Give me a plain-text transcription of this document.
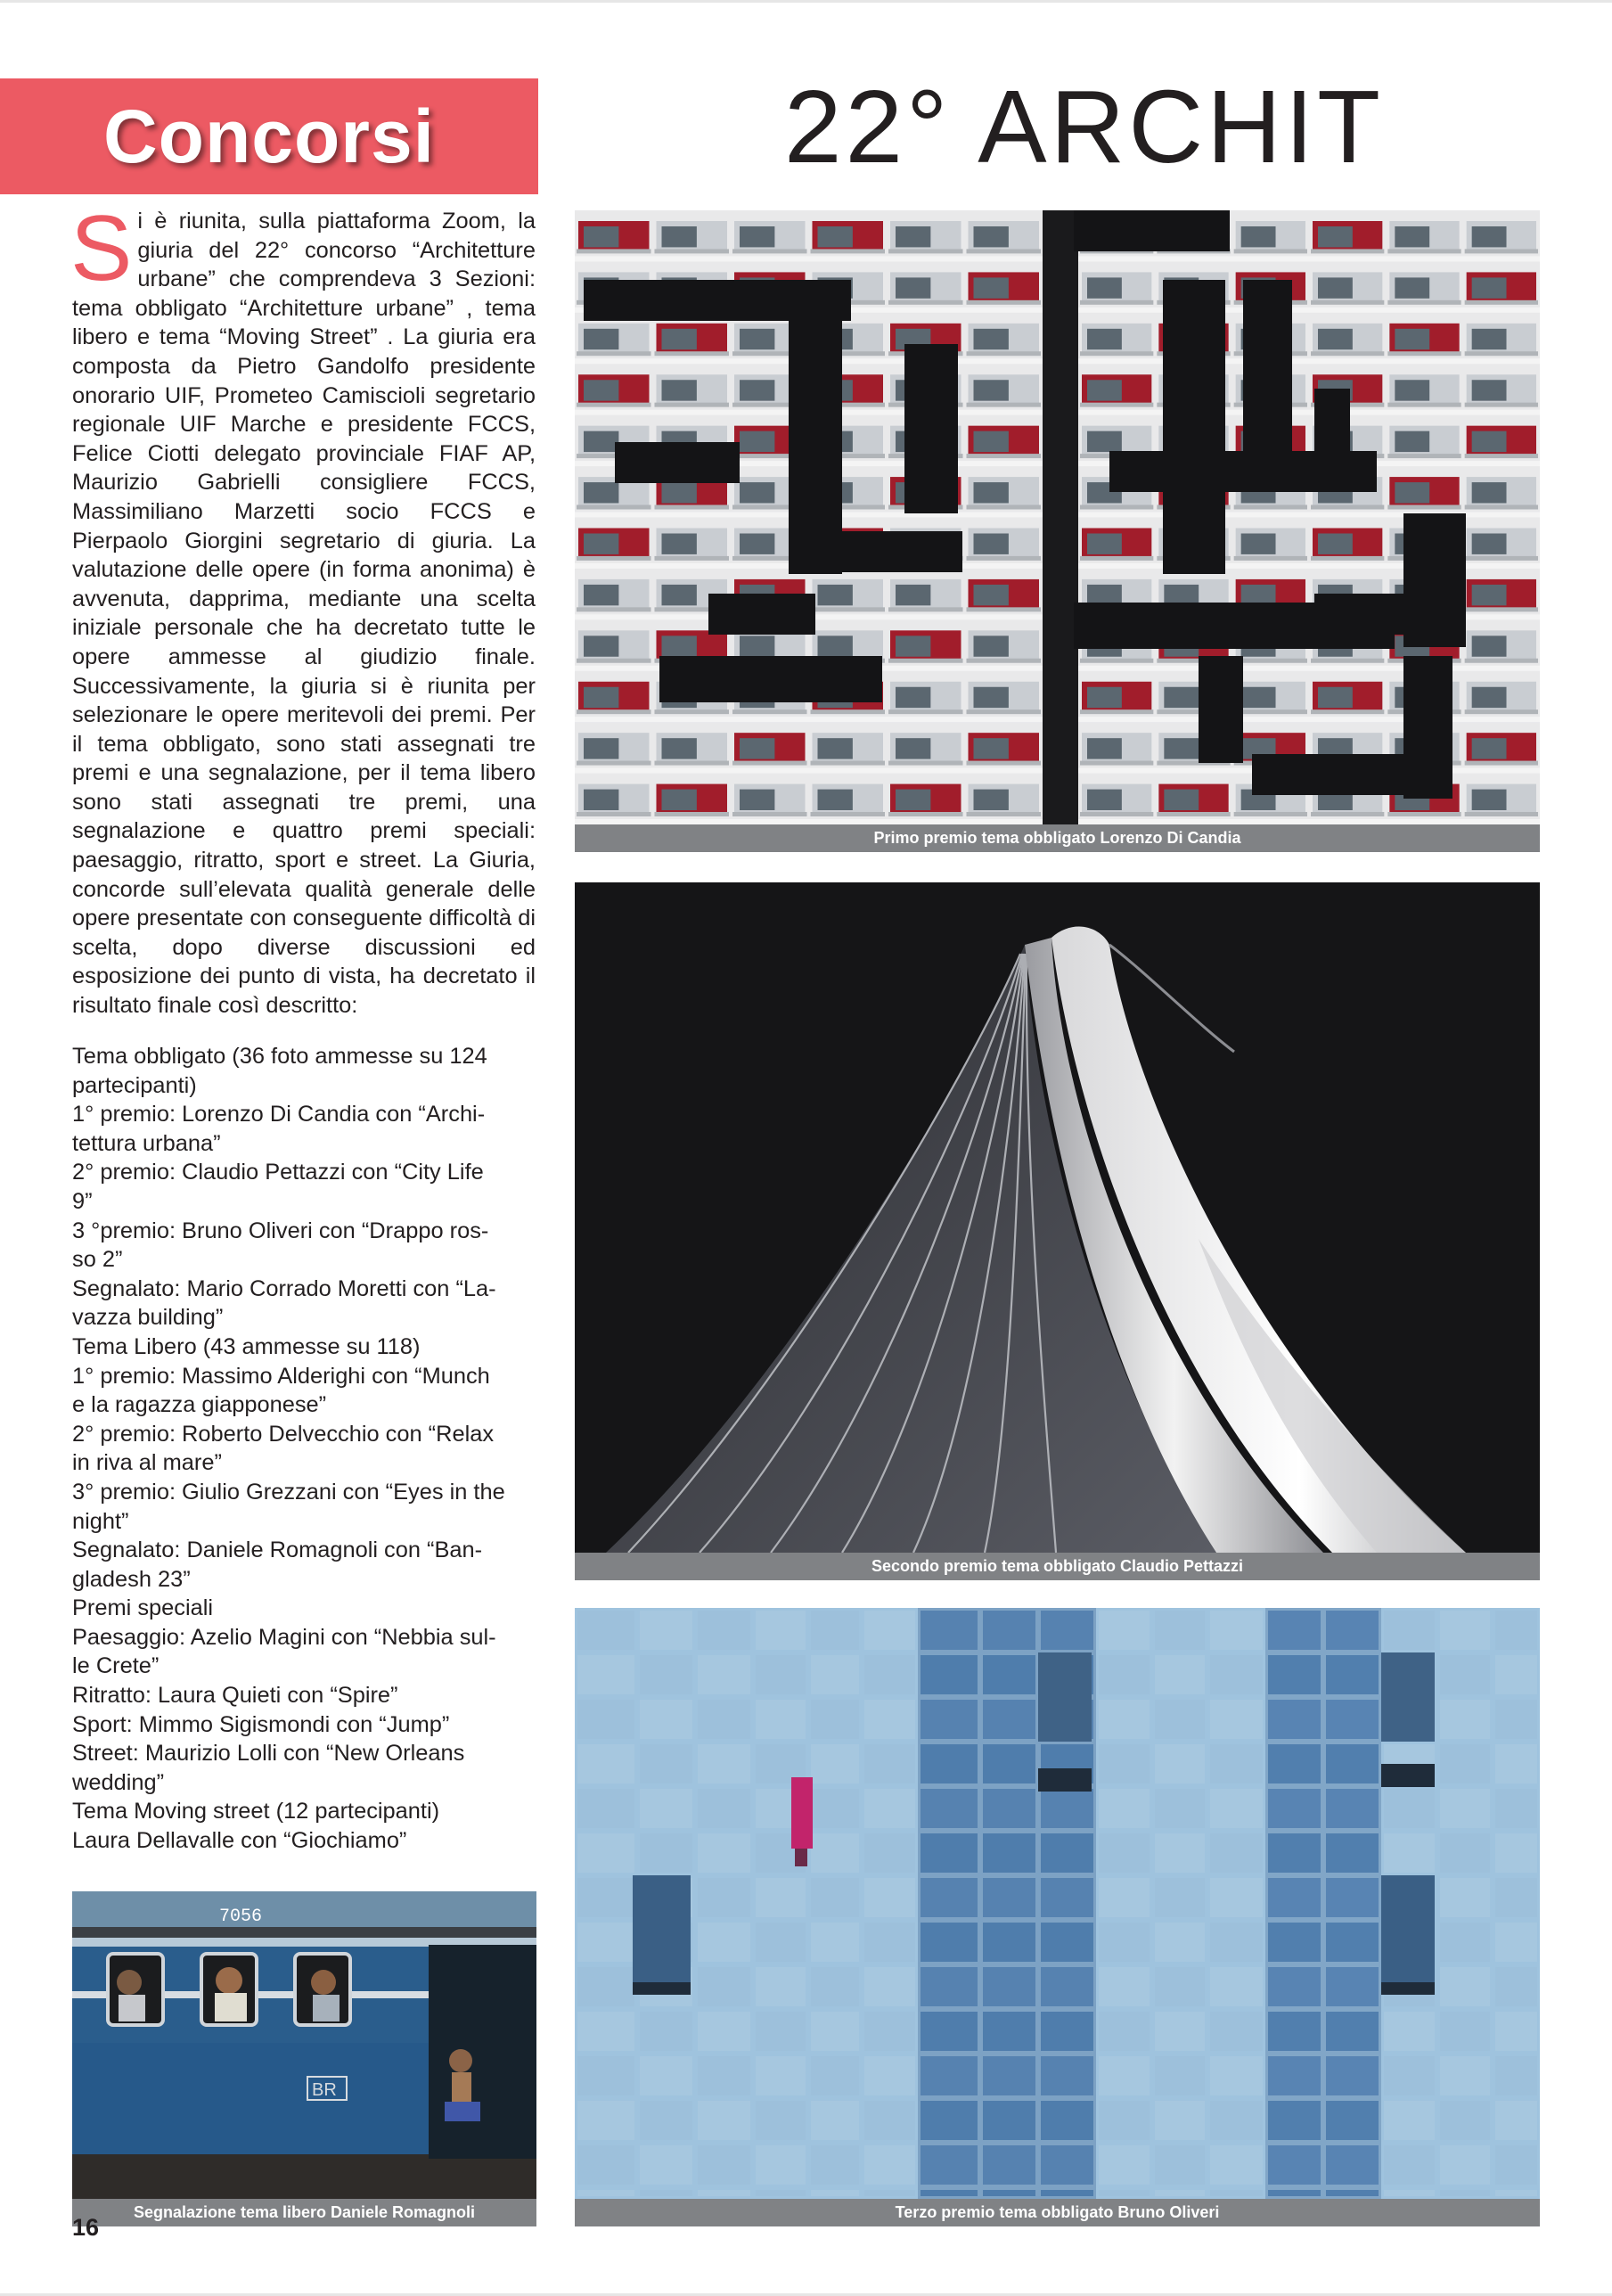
Concorsi	22° ARCHIT
S i è riunita, sulla piattaforma Zoom, la giuria del 22° concorso “Architetture urbane” che comprendeva 3 Sezioni: tema obbligato “Architetture urbane” , tema libero e tema “Moving Street” . La giuria era composta da Pietro Gandolfo presidente onorario UIF, Prometeo Camiscioli segretario regionale UIF Marche e presidente FCCS, Felice Ciotti delegato provinciale FIAF AP, Maurizio Gabrielli consigliere FCCS, Massimiliano Marzetti socio FCCS e Pierpaolo Giorgini segretario di giuria. La valutazione delle opere (in forma anonima) è avvenuta, dapprima, mediante una scelta iniziale personale che ha decretato tutte le opere ammesse al giudizio finale. Successivamente, la giuria si è riunita per selezionare le opere meritevoli dei premi. Per il tema obbligato, sono stati assegnati tre premi e una segnalazione, per il tema libero sono stati assegnati tre premi, una segnalazione e quattro premi speciali: paesaggio, ritratto, sport e street. La Giuria, concorde sull’elevata qualità generale delle opere presentate con conseguente difficoltà di scelta, dopo diverse discussioni ed esposizione dei punto di vista, ha decretato il risultato finale così descritto:
Tema obbligato (36 foto ammesse su 124
partecipanti)
1° premio: Lorenzo Di Candia con “Archi-
tettura urbana”
2° premio: Claudio Pettazzi con “City Life
9”
3 °premio: Bruno Oliveri con “Drappo ros-
so 2”
Segnalato: Mario Corrado Moretti con “La-
vazza building”
Tema Libero (43 ammesse su 118)
1° premio: Massimo Alderighi con “Munch
e la ragazza giapponese”
2° premio: Roberto Delvecchio con “Relax
in riva al mare”
3° premio: Giulio Grezzani con “Eyes in the
night”
Segnalato: Daniele Romagnoli con “Ban-
gladesh 23”
Premi speciali
Paesaggio: Azelio Magini con “Nebbia sul-
le Crete”
Ritratto: Laura Quieti con “Spire”
Sport: Mimmo Sigismondi con “Jump”
Street: Maurizio Lolli con “New Orleans
wedding”
Tema Moving street (12 partecipanti)
Laura Dellavalle con “Giochiamo”
Primo premio tema obbligato Lorenzo Di Candia
Secondo premio tema obbligato Claudio Pettazzi
Terzo premio tema obbligato Bruno Oliveri
7056
BR
Segnalazione tema libero Daniele Romagnoli
16
